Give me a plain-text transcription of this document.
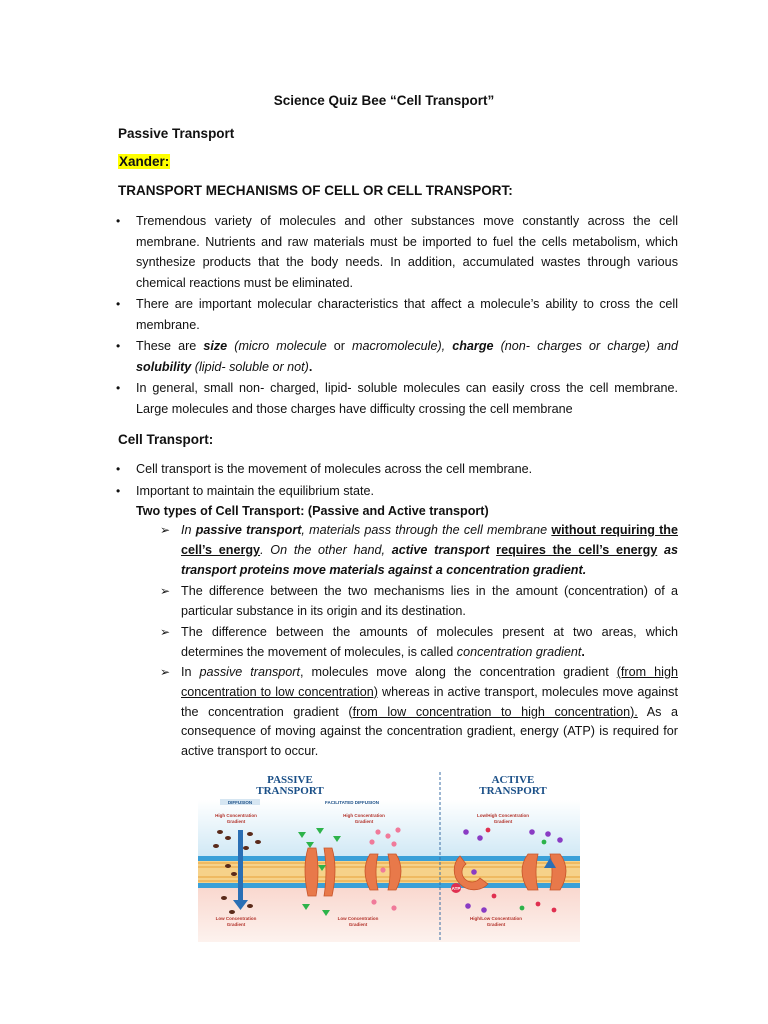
Science Quiz Bee “Cell Transport”
Passive Transport
Xander:
TRANSPORT MECHANISMS OF CELL OR CELL TRANSPORT:
• Tremendous variety of molecules and other substances move constantly across the cell membrane. Nutrients and raw materials must be imported to fuel the cells metabolism, which synthesize products that the body needs. In addition, accumulated wastes through various chemical reactions must be eliminated.
• There are important molecular characteristics that affect a molecule’s ability to cross the cell membrane.
• These are size (micro molecule or macromolecule), charge (non- charges or charge) and solubility (lipid- soluble or not).
• In general, small non- charged, lipid- soluble molecules can easily cross the cell membrane. Large molecules and those charges have difficulty crossing the cell membrane
Cell Transport:
• Cell transport is the movement of molecules across the cell membrane.
• Important to maintain the equilibrium state.
Two types of Cell Transport: (Passive and Active transport)
➢ In passive transport, materials pass through the cell membrane without requiring the cell’s energy. On the other hand, active transport requires the cell’s energy as transport proteins move materials against a concentration gradient.
➢ The difference between the two mechanisms lies in the amount (concentration) of a particular substance in its origin and its destination.
➢ The difference between the amounts of molecules present at two areas, which determines the movement of molecules, is called concentration gradient.
➢ In passive transport, molecules move along the concentration gradient (from high concentration to low concentration) whereas in active transport, molecules move against the concentration gradient (from low concentration to high concentration). As a consequence of moving against the concentration gradient, energy (ATP) is required for active transport to occur.
PASSIVE
TRANSPORT
ACTIVE
TRANSPORT
DIFFUSION	FACILITATED DIFFUSION
High Concentration
Gradient
High Concentration
Gradient
Low/High Concentration
Gradient
Low Concentration
Gradient
Low Concentration
Gradient
High/Low Concentration
Gradient
ATP
